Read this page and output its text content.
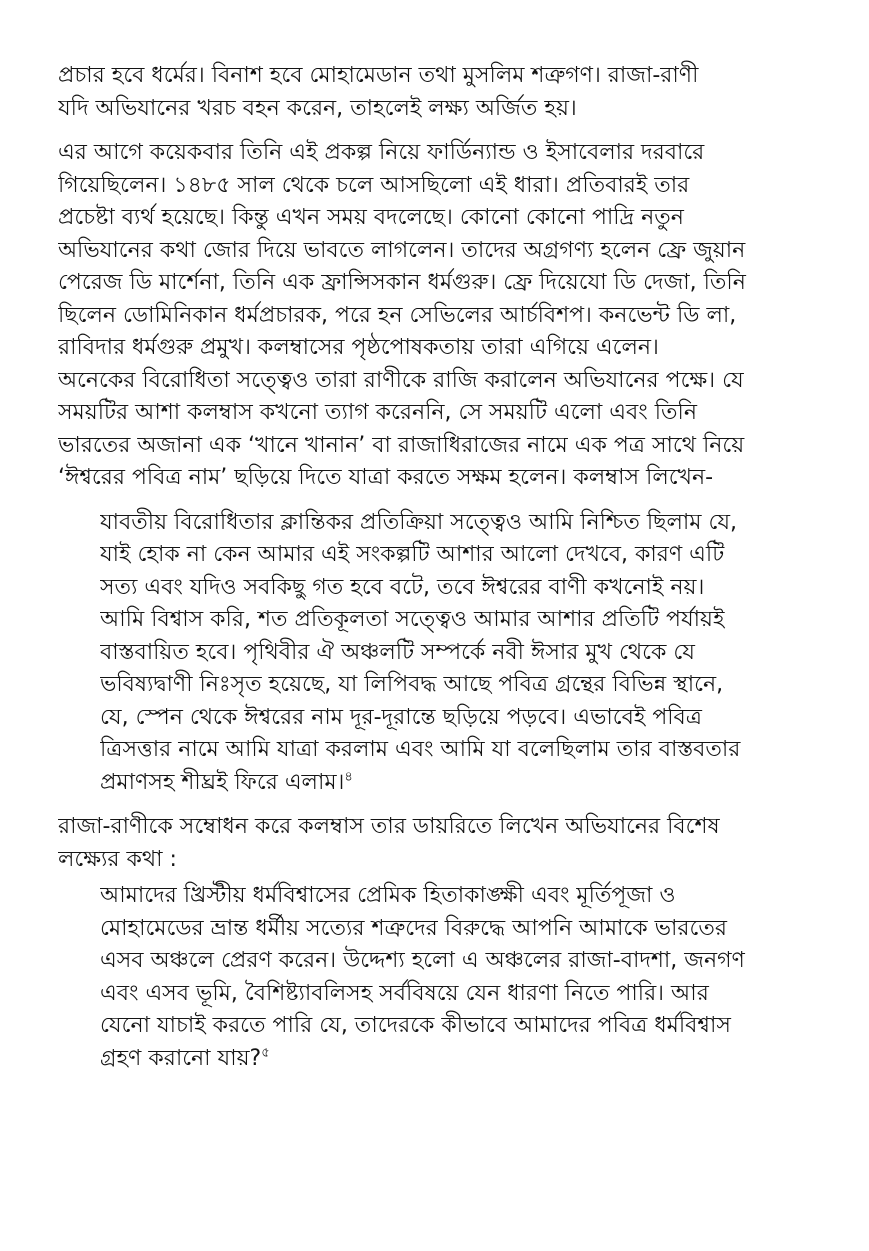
প্রচার হবে ধর্মের। বিনাশ হবে মোহামেডান তথা মুসলিম শত্রুগণ। রাজা-রাণী
যদি অভিযানের খরচ বহন করেন, তাহলেই লক্ষ্য অর্জিত হয়।

এর আগে কয়েকবার তিনি এই প্রকল্প নিয়ে ফার্ডিন্যান্ড ও ইসাবেলার দরবারে
গিয়েছিলেন। ১৪৮৫ সাল থেকে চলে আসছিলো এই ধারা। প্রতিবারই তার
প্রচেষ্টা ব্যর্থ হয়েছে। কিন্তু এখন সময় বদলেছে। কোনো কোনো পাদ্রি নতুন
অভিযানের কথা জোর দিয়ে ভাবতে লাগলেন। তাদের অগ্রগণ্য হলেন ফ্রে জুয়ান
পেরেজ ডি মার্শেনা, তিনি এক ফ্রান্সিসকান ধর্মগুরু। ফ্রে দিয়েযো ডি দেজা, তিনি
ছিলেন ডোমিনিকান ধর্মপ্রচারক, পরে হন সেভিলের আর্চবিশপ। কনভেন্ট ডি লা,
রাবিদার ধর্মগুরু প্রমুখ। কলম্বাসের পৃষ্ঠপোষকতায় তারা এগিয়ে এলেন।
অনেকের বিরোধিতা সত্ত্বেও তারা রাণীকে রাজি করালেন অভিযানের পক্ষে। যে
সময়টির আশা কলম্বাস কখনো ত্যাগ করেননি, সে সময়টি এলো এবং তিনি
ভারতের অজানা এক ‘খানে খানান’ বা রাজাধিরাজের নামে এক পত্র সাথে নিয়ে
‘ঈশ্বরের পবিত্র নাম’ ছড়িয়ে দিতে যাত্রা করতে সক্ষম হলেন। কলম্বাস লিখেন-

যাবতীয় বিরোধিতার ক্লান্তিকর প্রতিক্রিয়া সত্ত্বেও আমি নিশ্চিত ছিলাম যে,
যাই হোক না কেন আমার এই সংকল্পটি আশার আলো দেখবে, কারণ এটি
সত্য এবং যদিও সবকিছু গত হবে বটে, তবে ঈশ্বরের বাণী কখনোই নয়।
আমি বিশ্বাস করি, শত প্রতিকূলতা সত্ত্বেও আমার আশার প্রতিটি পর্যায়ই
বাস্তবায়িত হবে। পৃথিবীর ঐ অঞ্চলটি সম্পর্কে নবী ঈসার মুখ থেকে যে
ভবিষ্যদ্বাণী নিঃসৃত হয়েছে, যা লিপিবদ্ধ আছে পবিত্র গ্রন্থের বিভিন্ন স্থানে,
যে, স্পেন থেকে ঈশ্বরের নাম দূর-দূরান্তে ছড়িয়ে পড়বে। এভাবেই পবিত্র
ত্রিসত্তার নামে আমি যাত্রা করলাম এবং আমি যা বলেছিলাম তার বাস্তবতার
প্রমাণসহ শীঘ্রই ফিরে এলাম।$^৪$

রাজা-রাণীকে সম্বোধন করে কলম্বাস তার ডায়রিতে লিখেন অভিযানের বিশেষ
লক্ষ্যের কথা :

আমাদের খ্রিস্টীয় ধর্মবিশ্বাসের প্রেমিক হিতাকাঙ্ক্ষী এবং মূর্তিপূজা ও
মোহামেডের ভ্রান্ত ধর্মীয় সত্যের শত্রুদের বিরুদ্ধে আপনি আমাকে ভারতের
এসব অঞ্চলে প্রেরণ করেন। উদ্দেশ্য হলো এ অঞ্চলের রাজা-বাদশা, জনগণ
এবং এসব ভূমি, বৈশিষ্ট্যাবলিসহ সর্ববিষয়ে যেন ধারণা নিতে পারি। আর
যেনো যাচাই করতে পারি যে, তাদেরকে কীভাবে আমাদের পবিত্র ধর্মবিশ্বাস
গ্রহণ করানো যায়?$^৫$
